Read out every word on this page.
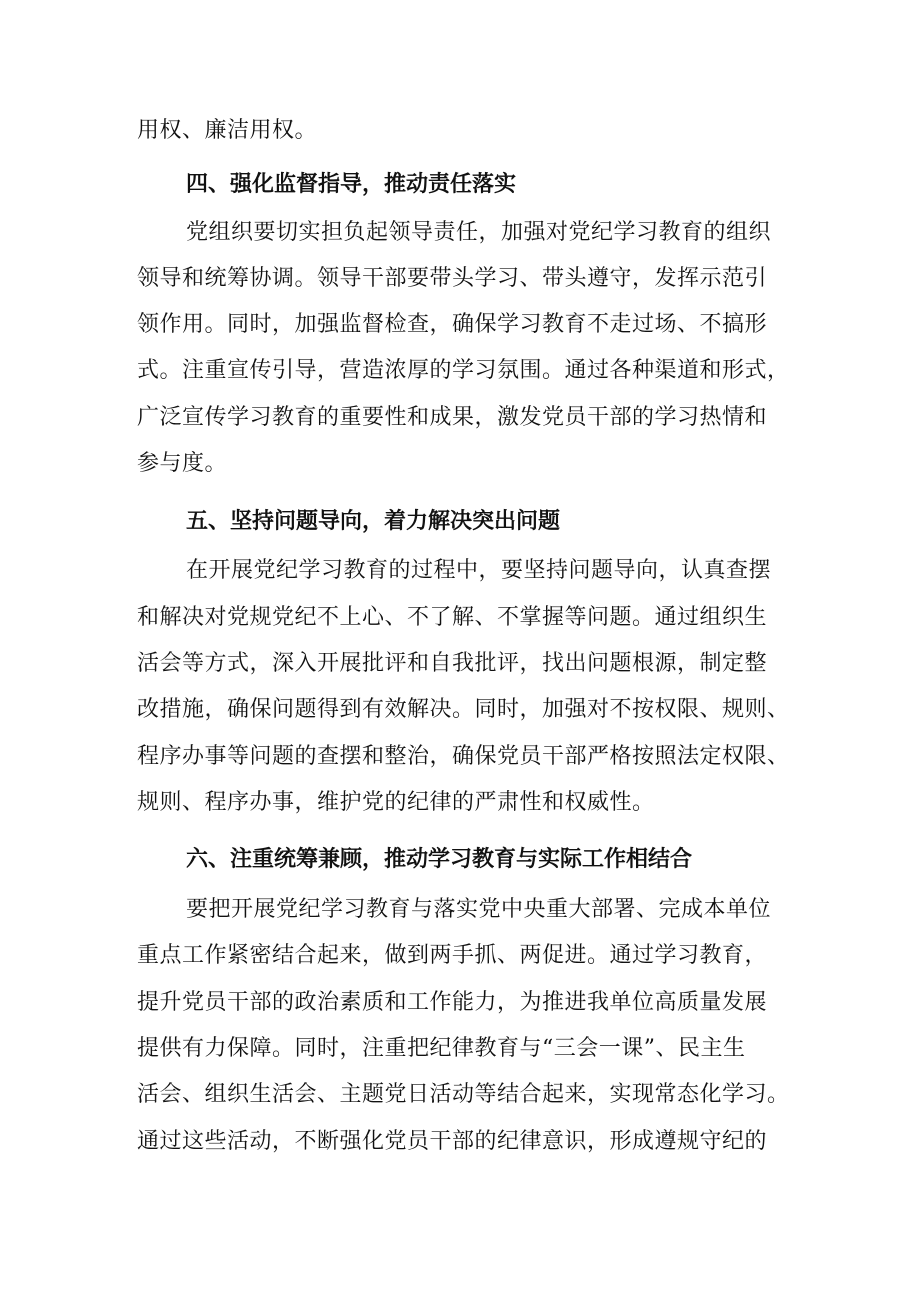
用权、廉洁用权。
四、强化监督指导，推动责任落实
党组织要切实担负起领导责任，加强对党纪学习教育的组织
领导和统筹协调。领导干部要带头学习、带头遵守，发挥示范引
领作用。同时，加强监督检查，确保学习教育不走过场、不搞形
式。注重宣传引导，营造浓厚的学习氛围。通过各种渠道和形式，
广泛宣传学习教育的重要性和成果，激发党员干部的学习热情和
参与度。
五、坚持问题导向，着力解决突出问题
在开展党纪学习教育的过程中，要坚持问题导向，认真查摆
和解决对党规党纪不上心、不了解、不掌握等问题。通过组织生
活会等方式，深入开展批评和自我批评，找出问题根源，制定整
改措施，确保问题得到有效解决。同时，加强对不按权限、规则、
程序办事等问题的查摆和整治，确保党员干部严格按照法定权限、
规则、程序办事，维护党的纪律的严肃性和权威性。
六、注重统筹兼顾，推动学习教育与实际工作相结合
要把开展党纪学习教育与落实党中央重大部署、完成本单位
重点工作紧密结合起来，做到两手抓、两促进。通过学习教育，
提升党员干部的政治素质和工作能力，为推进我单位高质量发展
提供有力保障。同时，注重把纪律教育与“三会一课”、民主生
活会、组织生活会、主题党日活动等结合起来，实现常态化学习。
通过这些活动，不断强化党员干部的纪律意识，形成遵规守纪的
